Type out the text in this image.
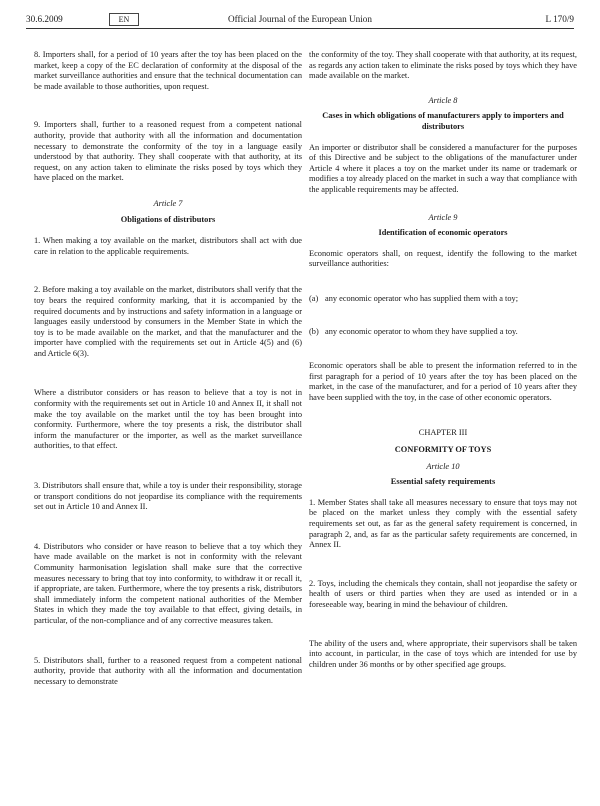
30.6.2009	EN	Official Journal of the European Union	L 170/9

8. Importers shall, for a period of 10 years after the toy has been placed on the market, keep a copy of the EC declaration of conformity at the disposal of the market surveillance authorities and ensure that the technical documentation can be made available to those authorities, upon request.

9. Importers shall, further to a reasoned request from a competent national authority, provide that authority with all the information and documentation necessary to demonstrate the conformity of the toy in a language easily understood by that authority. They shall cooperate with that authority, at its request, on any action taken to eliminate the risks posed by toys which they have placed on the market.

Article 7

Obligations of distributors

1. When making a toy available on the market, distributors shall act with due care in relation to the applicable requirements.

2. Before making a toy available on the market, distributors shall verify that the toy bears the required conformity marking, that it is accompanied by the required documents and by instructions and safety information in a language or languages easily understood by consumers in the Member State in which the toy is to be made available on the market, and that the manufacturer and the importer have complied with the requirements set out in Article 4(5) and (6) and Article 6(3).

Where a distributor considers or has reason to believe that a toy is not in conformity with the requirements set out in Article 10 and Annex II, it shall not make the toy available on the market until the toy has been brought into conformity. Furthermore, where the toy presents a risk, the distributor shall inform the manufacturer or the importer, as well as the market surveillance authorities, to that effect.

3. Distributors shall ensure that, while a toy is under their responsibility, storage or transport conditions do not jeopardise its compliance with the requirements set out in Article 10 and Annex II.

4. Distributors who consider or have reason to believe that a toy which they have made available on the market is not in conformity with the relevant Community harmonisation legislation shall make sure that the corrective measures necessary to bring that toy into conformity, to withdraw it or recall it, if appropriate, are taken. Furthermore, where the toy presents a risk, distributors shall immediately inform the competent national authorities of the Member States in which they made the toy available to that effect, giving details, in particular, of the non-compliance and of any corrective measures taken.

5. Distributors shall, further to a reasoned request from a competent national authority, provide that authority with all the information and documentation necessary to demonstrate

the conformity of the toy. They shall cooperate with that authority, at its request, as regards any action taken to eliminate the risks posed by toys which they have made available on the market.

Article 8

Cases in which obligations of manufacturers apply to importers and distributors

An importer or distributor shall be considered a manufacturer for the purposes of this Directive and be subject to the obligations of the manufacturer under Article 4 where it places a toy on the market under its name or trademark or modifies a toy already placed on the market in such a way that compliance with the applicable requirements may be affected.

Article 9

Identification of economic operators

Economic operators shall, on request, identify the following to the market surveillance authorities:

(a) any economic operator who has supplied them with a toy;
(b) any economic operator to whom they have supplied a toy.

Economic operators shall be able to present the information referred to in the first paragraph for a period of 10 years after the toy has been placed on the market, in the case of the manufacturer, and for a period of 10 years after they have been supplied with the toy, in the case of other economic operators.

CHAPTER III

CONFORMITY OF TOYS

Article 10

Essential safety requirements

1. Member States shall take all measures necessary to ensure that toys may not be placed on the market unless they comply with the essential safety requirements set out, as far as the general safety requirement is concerned, in paragraph 2, and, as far as the particular safety requirements are concerned, in Annex II.

2. Toys, including the chemicals they contain, shall not jeopardise the safety or health of users or third parties when they are used as intended or in a foreseeable way, bearing in mind the behaviour of children.

The ability of the users and, where appropriate, their supervisors shall be taken into account, in particular, in the case of toys which are intended for use by children under 36 months or by other specified age groups.
